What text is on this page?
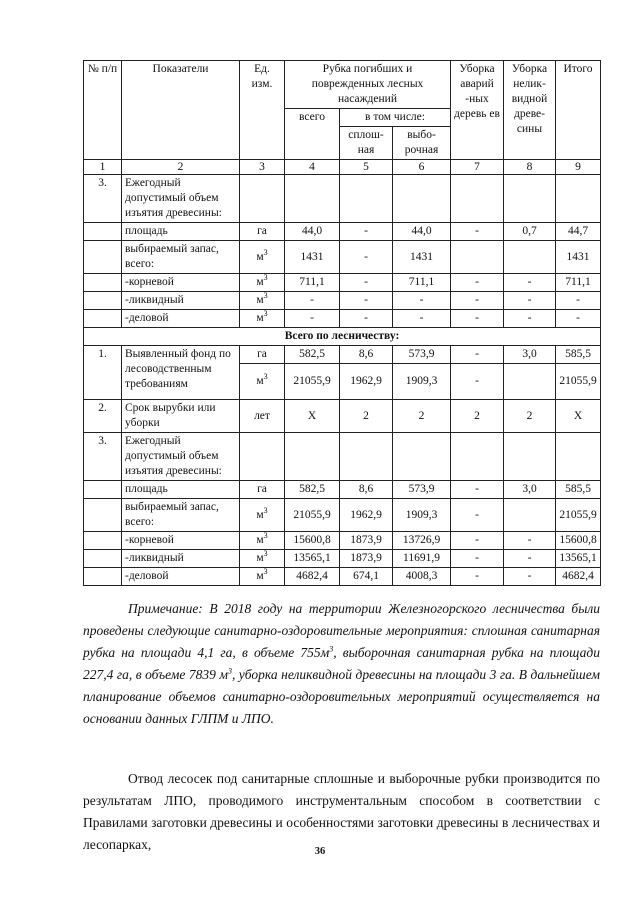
№ п/п	Показатели	Ед. изм.	Рубка погибших и поврежденных лесных насаждений			Уборка аварий -ных деревь ев	Уборка нелик-видной древе-сины	Итого
			всего	в том числе:				
				сплош-ная	выбо-рочная			
1	2	3	4	5	6	7	8	9
3.	Ежегодный допустимый объем изъятия древесины:							
	площадь	га	44,0	-	44,0	-	0,7	44,7
	выбираемый запас, всего:	$м^3$	1431	-	1431			1431
	-корневой	$м^3$	711,1	-	711,1	-	-	711,1
	-ликвидный	$м^3$	-	-	-	-	-	-
	-деловой	$м^3$	-	-	-	-	-	-
Всего по лесничеству:								
1.	Выявленный фонд по лесоводственным требованиям	га	582,5	8,6	573,9	-	3,0	585,5
		$м^3$	21055,9	1962,9	1909,3	-		21055,9
2.	Срок вырубки или уборки	лет	X	2	2	2	2	X
3.	Ежегодный допустимый объем изъятия древесины:							
	площадь	га	582,5	8,6	573,9	-	3,0	585,5
	выбираемый запас, всего:	$м^3$	21055,9	1962,9	1909,3	-		21055,9
	-корневой	$м^3$	15600,8	1873,9	13726,9	-	-	15600,8
	-ликвидный	$м^3$	13565,1	1873,9	11691,9	-	-	13565,1
	-деловой	$м^3$	4682,4	674,1	4008,3	-	-	4682,4

Примечание: В 2018 году на территории Железногорского лесничества были проведены следующие санитарно-оздоровительные мероприятия: сплошная санитарная рубка на площади 4,1 га, в объеме $755м^3$, выборочная санитарная рубка на площади 227,4 га, в объеме 7839 $м^3$, уборка неликвидной древесины на площади 3 га. В дальнейшем планирование объемов санитарно-оздоровительных мероприятий осуществляется на основании данных ГЛПМ и ЛПО.

Отвод лесосек под санитарные сплошные и выборочные рубки производится по результатам ЛПО, проводимого инструментальным способом в соответствии с Правилами заготовки древесины и особенностями заготовки древесины в лесничествах и лесопарках,	36
